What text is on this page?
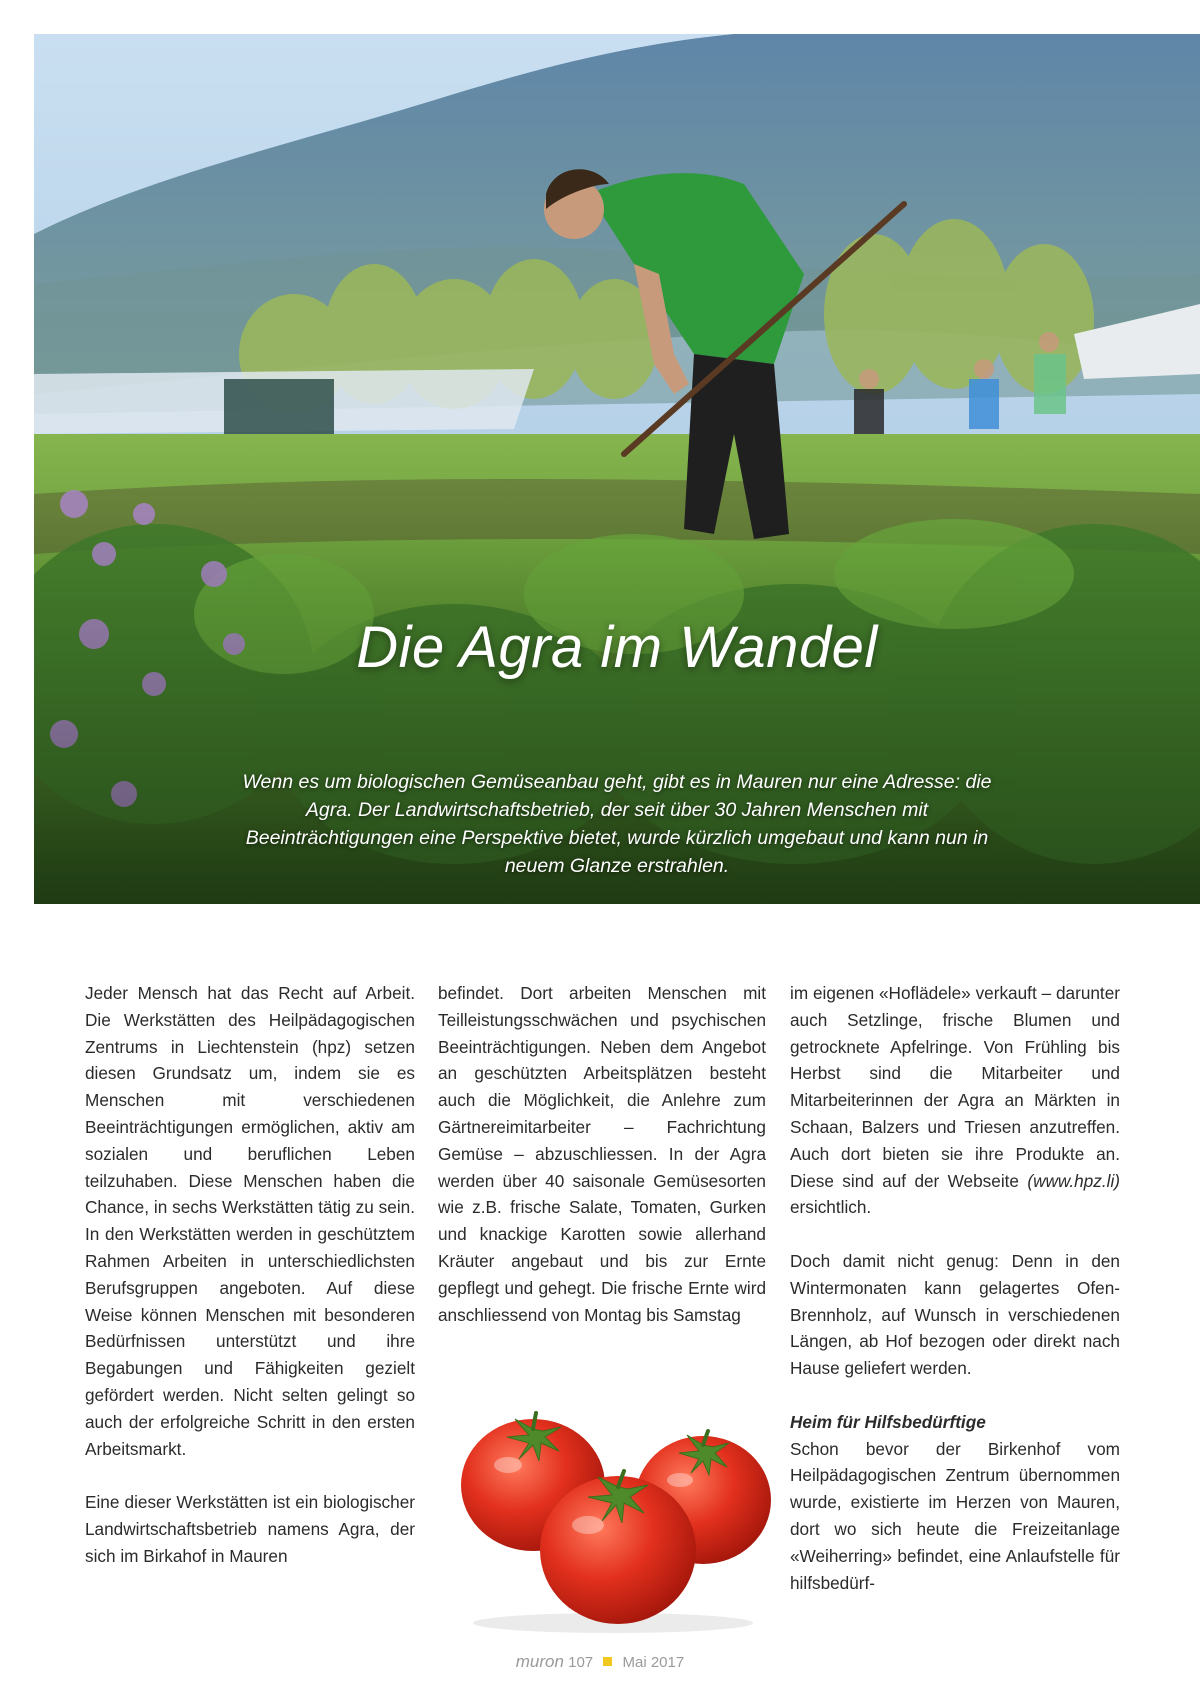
Die Agra im Wandel
Wenn es um biologischen Gemüseanbau geht, gibt es in Mauren nur eine Adresse: die Agra. Der Landwirtschaftsbetrieb, der seit über 30 Jahren Menschen mit Beeinträchtigungen eine Perspektive bietet, wurde kürzlich umgebaut und kann nun in neuem Glanze erstrahlen.

Jeder Mensch hat das Recht auf Arbeit. Die Werkstätten des Heilpädagogischen Zentrums in Liechtenstein (hpz) setzen diesen Grundsatz um, indem sie es Menschen mit verschiedenen Beeinträchtigungen ermöglichen, aktiv am sozialen und beruflichen Leben teilzuhaben. Diese Menschen haben die Chance, in sechs Werkstätten tätig zu sein. In den Werkstätten werden in geschütztem Rahmen Arbeiten in unterschiedlichsten Berufsgruppen angeboten. Auf diese Weise können Menschen mit besonderen Bedürfnissen unterstützt und ihre Begabungen und Fähigkeiten gezielt gefördert werden. Nicht selten gelingt so auch der erfolgreiche Schritt in den ersten Arbeitsmarkt.

Eine dieser Werkstätten ist ein biologischer Landwirtschaftsbetrieb namens Agra, der sich im Birkahof in Mauren

befindet. Dort arbeiten Menschen mit Teilleistungsschwächen und psychischen Beeinträchtigungen. Neben dem Angebot an geschützten Arbeitsplätzen besteht auch die Möglichkeit, die Anlehre zum Gärtnereimitarbeiter – Fachrichtung Gemüse – abzuschliessen. In der Agra werden über 40 saisonale Gemüsesorten wie z.B. frische Salate, Tomaten, Gurken und knackige Karotten sowie allerhand Kräuter angebaut und bis zur Ernte gepflegt und gehegt. Die frische Ernte wird anschliessend von Montag bis Samstag

im eigenen «Hoflädele» verkauft – darunter auch Setzlinge, frische Blumen und getrocknete Apfelringe. Von Frühling bis Herbst sind die Mitarbeiter und Mitarbeiterinnen der Agra an Märkten in Schaan, Balzers und Triesen anzutreffen. Auch dort bieten sie ihre Produkte an. Diese sind auf der Webseite (www.hpz.li) ersichtlich.

Doch damit nicht genug: Denn in den Wintermonaten kann gelagertes Ofen-Brennholz, auf Wunsch in verschiedenen Längen, ab Hof bezogen oder direkt nach Hause geliefert werden.

Heim für Hilfsbedürftige

Schon bevor der Birkenhof vom Heilpädagogischen Zentrum übernommen wurde, existierte im Herzen von Mauren, dort wo sich heute die Freizeitanlage «Weiherring» befindet, eine Anlaufstelle für hilfsbedürf-

muron 107 Mai 2017
